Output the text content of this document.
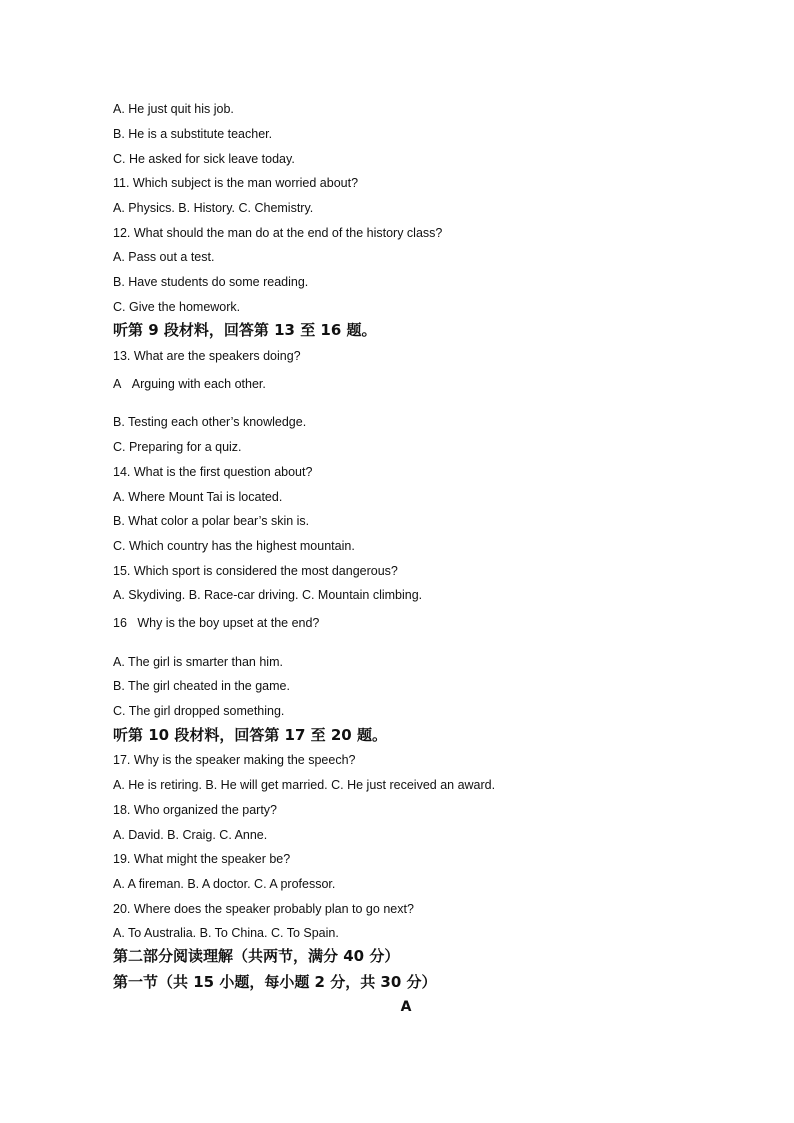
A. He just quit his job.
B. He is a substitute teacher.
C. He asked for sick leave today.
11. Which subject is the man worried about?
A. Physics. B. History. C. Chemistry.
12. What should the man do at the end of the history class?
A. Pass out a test.
B. Have students do some reading.
C. Give the homework.
听第 9 段材料，回答第 13 至 16 题。
13. What are the speakers doing?
A   Arguing with each other.
B. Testing each other’s knowledge.
C. Preparing for a quiz.
14. What is the first question about?
A. Where Mount Tai is located.
B. What color a polar bear’s skin is.
C. Which country has the highest mountain.
15. Which sport is considered the most dangerous?
A. Skydiving. B. Race-car driving. C. Mountain climbing.
16   Why is the boy upset at the end?
A. The girl is smarter than him.
B. The girl cheated in the game.
C. The girl dropped something.
听第 10 段材料，回答第 17 至 20 题。
17. Why is the speaker making the speech?
A. He is retiring. B. He will get married. C. He just received an award.
18. Who organized the party?
A. David. B. Craig. C. Anne.
19. What might the speaker be?
A. A fireman. B. A doctor. C. A professor.
20. Where does the speaker probably plan to go next?
A. To Australia. B. To China. C. To Spain.
第二部分阅读理解（共两节，满分 40 分）
第一节（共 15 小题，每小题 2 分，共 30 分）
A
